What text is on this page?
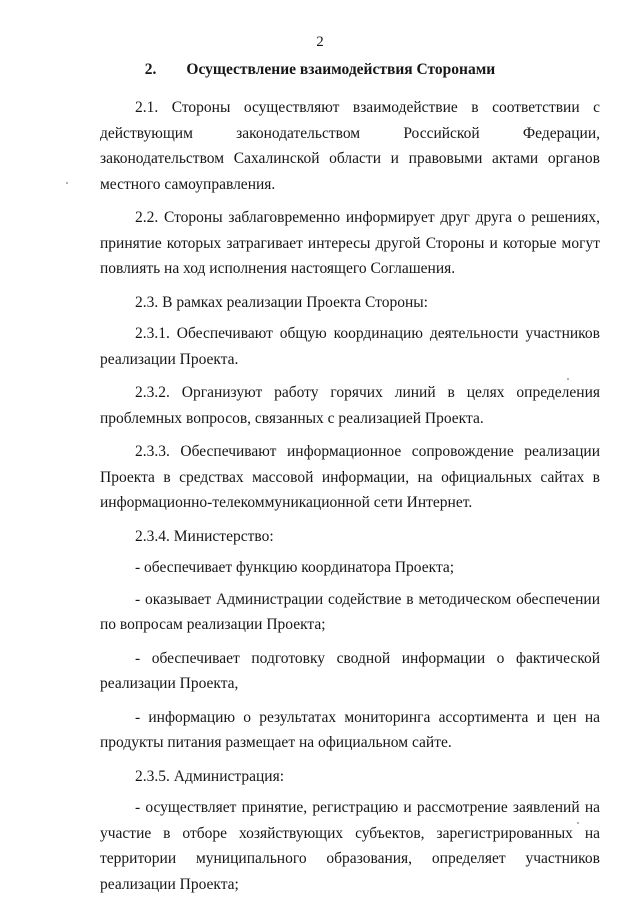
2
2. Осуществление взаимодействия Сторонами

2.1. Стороны осуществляют взаимодействие в соответствии с действующим законодательством Российской Федерации, законодательством Сахалинской области и правовыми актами органов местного самоуправления.

2.2. Стороны заблаговременно информирует друг друга о решениях, принятие которых затрагивает интересы другой Стороны и которые могут повлиять на ход исполнения настоящего Соглашения.

2.3. В рамках реализации Проекта Стороны:

2.3.1. Обеспечивают общую координацию деятельности участников реализации Проекта.

2.3.2. Организуют работу горячих линий в целях определения проблемных вопросов, связанных с реализацией Проекта.

2.3.3. Обеспечивают информационное сопровождение реализации Проекта в средствах массовой информации, на официальных сайтах в информационно-телекоммуникационной сети Интернет.

2.3.4. Министерство:

- обеспечивает функцию координатора Проекта;

- оказывает Администрации содействие в методическом обеспечении по вопросам реализации Проекта;

- обеспечивает подготовку сводной информации о фактической реализации Проекта,

- информацию о результатах мониторинга ассортимента и цен на продукты питания размещает на официальном сайте.

2.3.5. Администрация:

- осуществляет принятие, регистрацию и рассмотрение заявлений на участие в отборе хозяйствующих субъектов, зарегистрированных на территории муниципального образования, определяет участников реализации Проекта;
